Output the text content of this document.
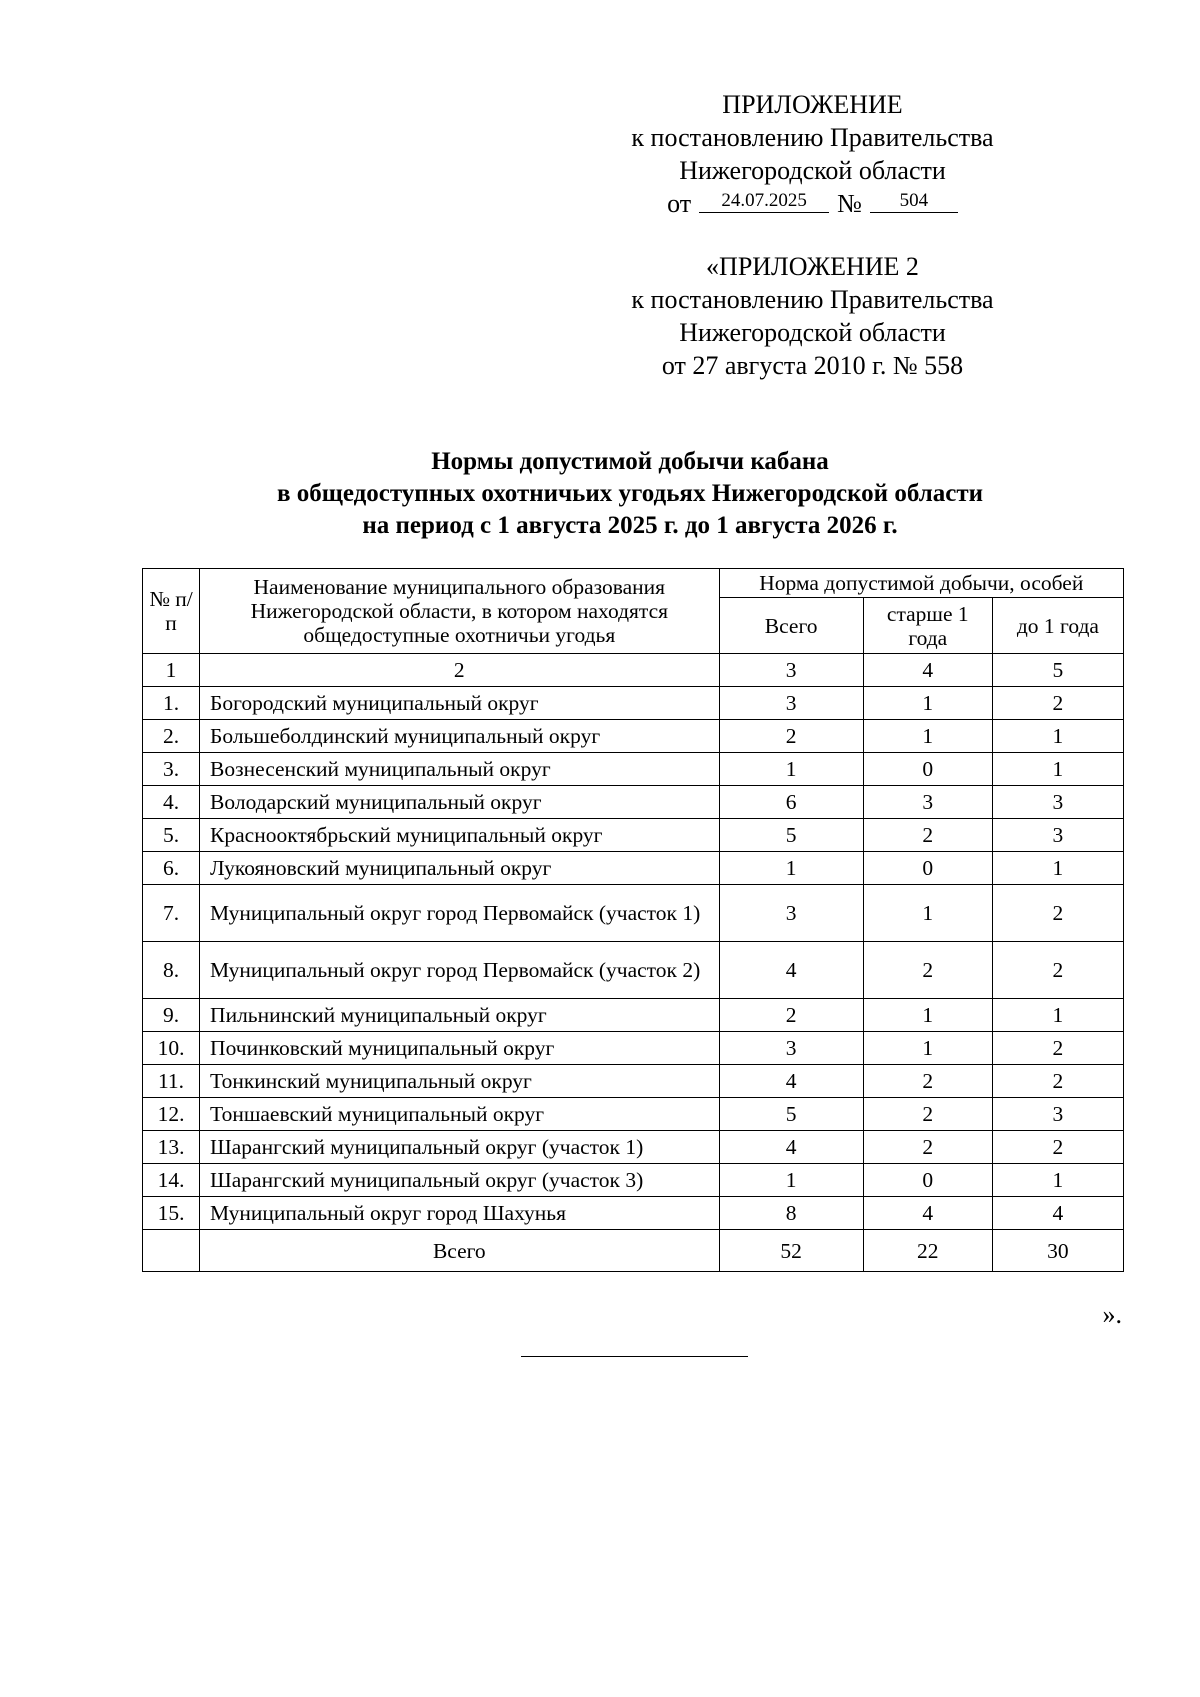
ПРИЛОЖЕНИЕ
к постановлению Правительства
Нижегородской области
от	24.07.2025	№	504
«ПРИЛОЖЕНИЕ 2
к постановлению Правительства
Нижегородской области
от 27 августа 2010 г. № 558
Нормы допустимой добычи кабана
в общедоступных охотничьих угодьях Нижегородской области
на период с 1 августа 2025 г. до 1 августа 2026 г.
№ п/п	Наименование муниципального образования Нижегородской области, в котором находятся общедоступные охотничьи угодья	Норма допустимой добычи, особей		
		Всего	старше 1 года	до 1 года
1	2	3	4	5
1.	Богородский муниципальный округ	3	1	2
2.	Большеболдинский муниципальный округ	2	1	1
3.	Вознесенский муниципальный округ	1	0	1
4.	Володарский муниципальный округ	6	3	3
5.	Краснооктябрьский муниципальный округ	5	2	3
6.	Лукояновский муниципальный округ	1	0	1
7.	Муниципальный округ город Первомайск (участок 1)	3	1	2
8.	Муниципальный округ город Первомайск (участок 2)	4	2	2
9.	Пильнинский муниципальный округ	2	1	1
10.	Починковский муниципальный округ	3	1	2
11.	Тонкинский муниципальный округ	4	2	2
12.	Тоншаевский муниципальный округ	5	2	3
13.	Шарангский муниципальный округ (участок 1)	4	2	2
14.	Шарангский муниципальный округ (участок 3)	1	0	1
15.	Муниципальный округ город Шахунья	8	4	4
	Всего	52	22	30
».
